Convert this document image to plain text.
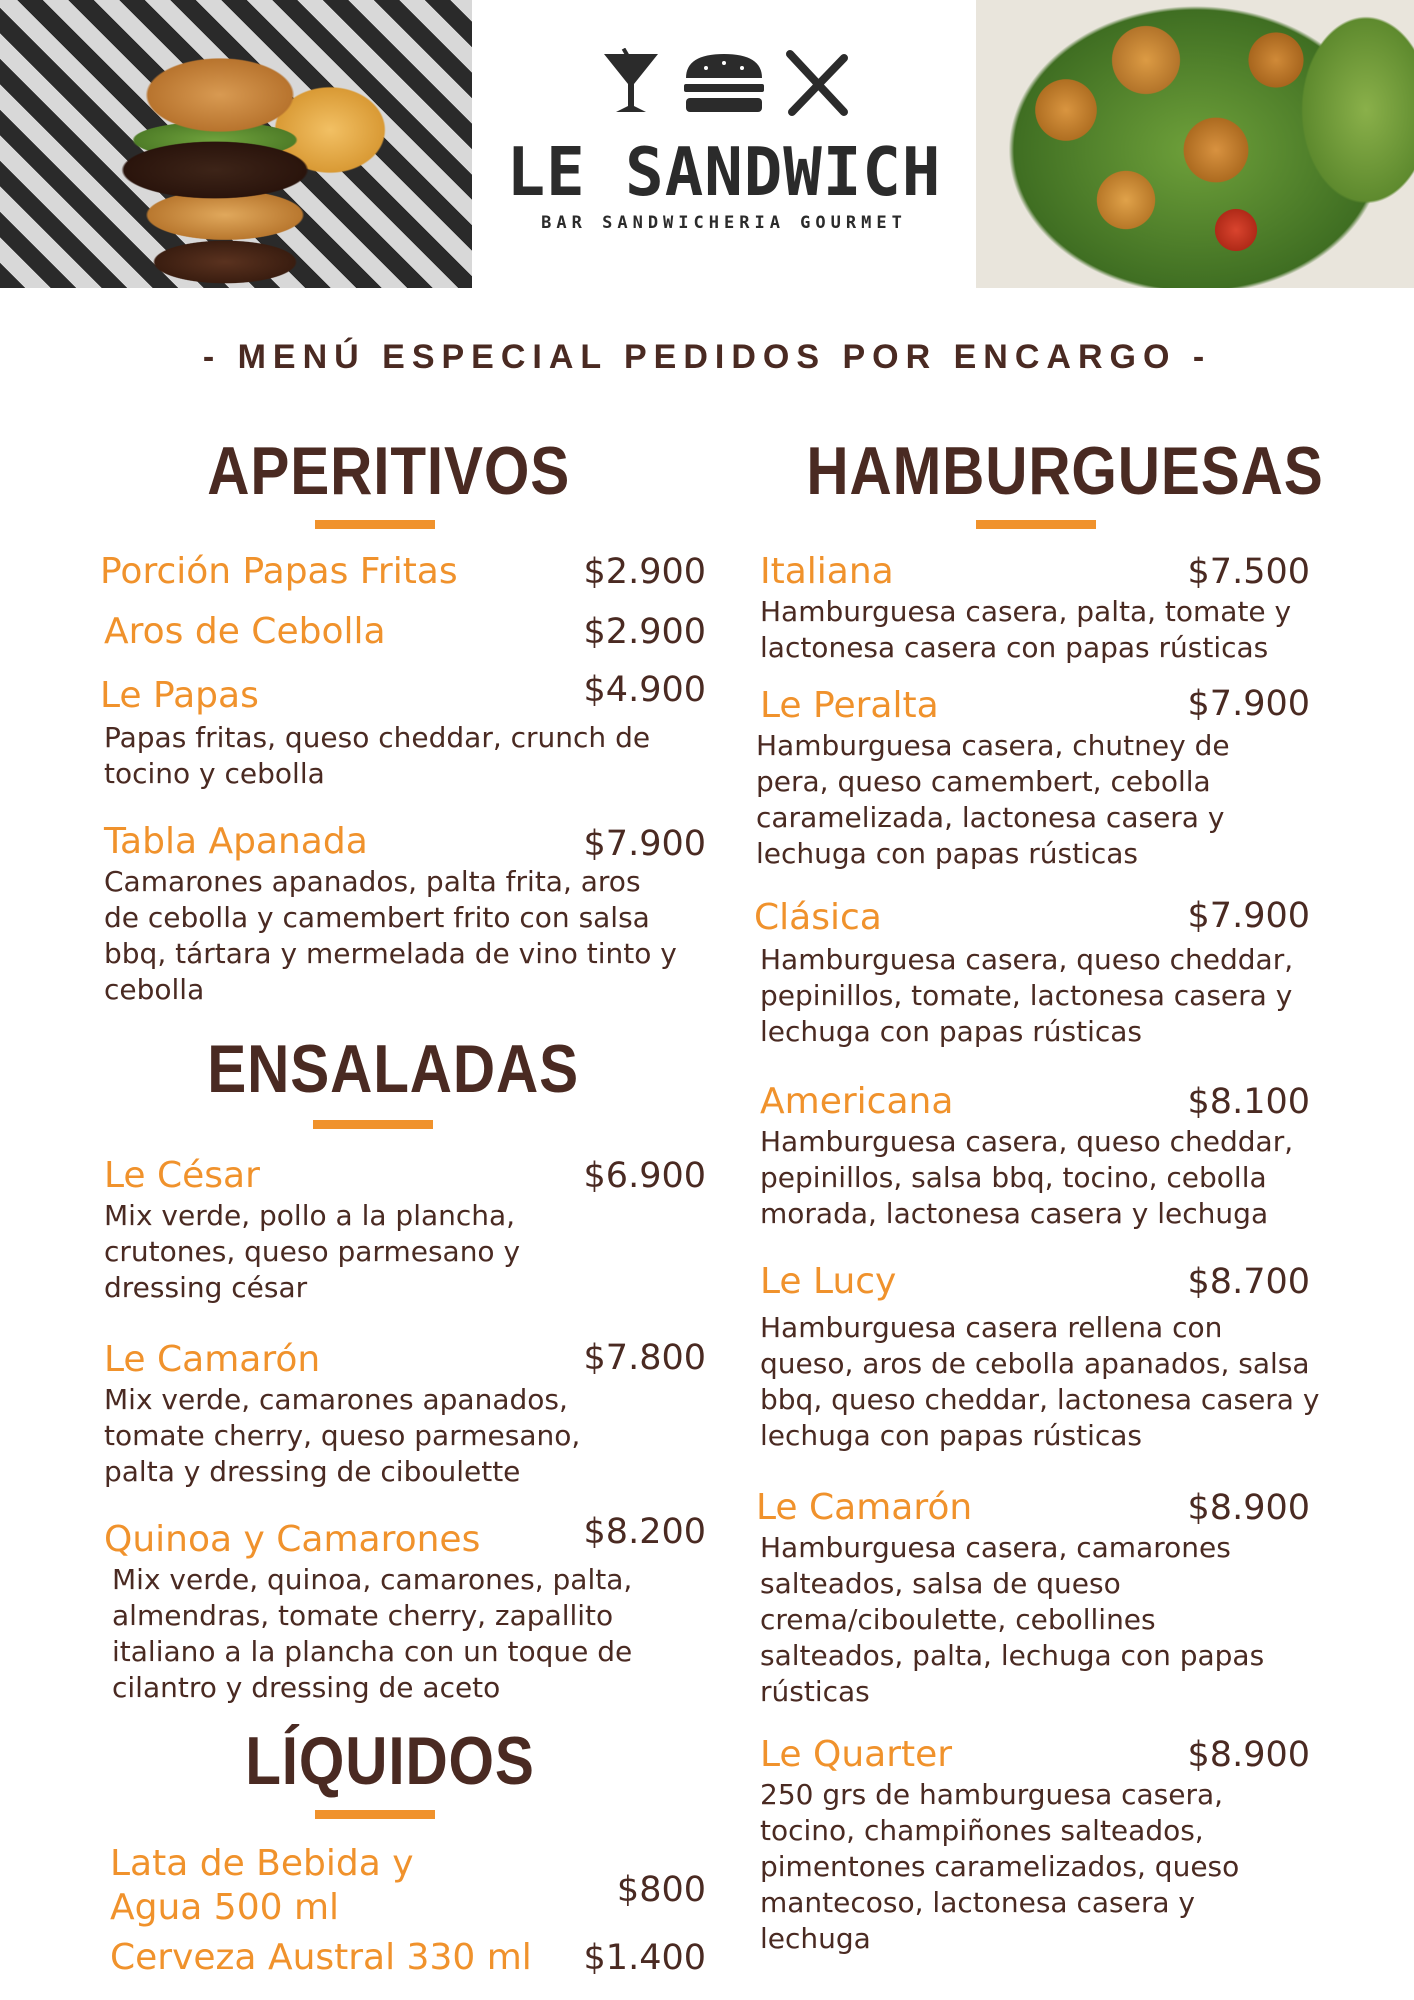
LE SANDWICH
BAR SANDWICHERIA GOURMET
- MENÚ ESPECIAL PEDIDOS POR ENCARGO -
APERITIVOS
Porción Papas Fritas	$2.900
Aros de Cebolla	$2.900
Le Papas	$4.900
Papas fritas, queso cheddar, crunch de tocino y cebolla
Tabla Apanada	$7.900
Camarones apanados, palta frita, aros de cebolla y camembert frito con salsa bbq, tártara y mermelada de vino tinto y cebolla
ENSALADAS
Le César	$6.900
Mix verde, pollo a la plancha, crutones, queso parmesano y dressing césar
Le Camarón	$7.800
Mix verde, camarones apanados, tomate cherry, queso parmesano, palta y dressing de ciboulette
Quinoa y Camarones	$8.200
Mix verde, quinoa, camarones, palta, almendras, tomate cherry, zapallito italiano a la plancha con un toque de cilantro y dressing de aceto
LÍQUIDOS
Lata de Bebida y
Agua 500 ml	$800
Cerveza Austral 330 ml	$1.400
HAMBURGUESAS
Italiana	$7.500
Hamburguesa casera, palta, tomate y lactonesa casera con papas rústicas
Le Peralta	$7.900
Hamburguesa casera, chutney de pera, queso camembert, cebolla caramelizada, lactonesa casera y lechuga con papas rústicas
Clásica	$7.900
Hamburguesa casera, queso cheddar, pepinillos, tomate, lactonesa casera y lechuga con papas rústicas
Americana	$8.100
Hamburguesa casera, queso cheddar, pepinillos, salsa bbq, tocino, cebolla morada, lactonesa casera y lechuga
Le Lucy	$8.700
Hamburguesa casera rellena con queso, aros de cebolla apanados, salsa bbq, queso cheddar, lactonesa casera y lechuga con papas rústicas
Le Camarón	$8.900
Hamburguesa casera, camarones salteados, salsa de queso crema/ciboulette, cebollines salteados, palta, lechuga con papas rústicas
Le Quarter	$8.900
250 grs de hamburguesa casera, tocino, champiñones salteados, pimentones caramelizados, queso mantecoso, lactonesa casera y lechuga
